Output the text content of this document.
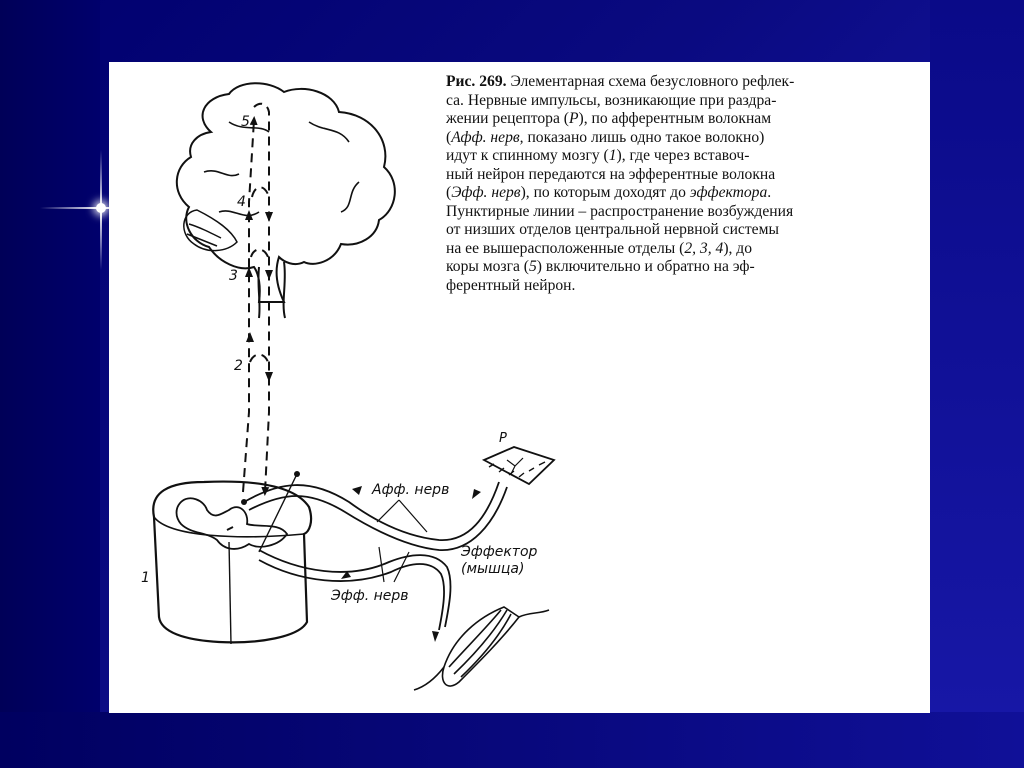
5
4
3
2
1
Р
Афф. нерв
Эфф. нерв
Эффектор
(мышца)
Рис. 269. Элементарная схема безусловного рефлек-
са. Нервные импульсы, возникающие при раздра-
жении рецептора (Р), по афферентным волокнам
(Афф. нерв, показано лишь одно такое волокно)
идут к спинному мозгу (1), где через вставоч-
ный нейрон передаются на эфферентные волокна
(Эфф. нерв), по которым доходят до эффектора.
Пунктирные линии – распространение возбуждения
от низших отделов центральной нервной системы
на ее вышерасположенные отделы (2, 3, 4), до
коры мозга (5) включительно и обратно на эф-
ферентный нейрон.
